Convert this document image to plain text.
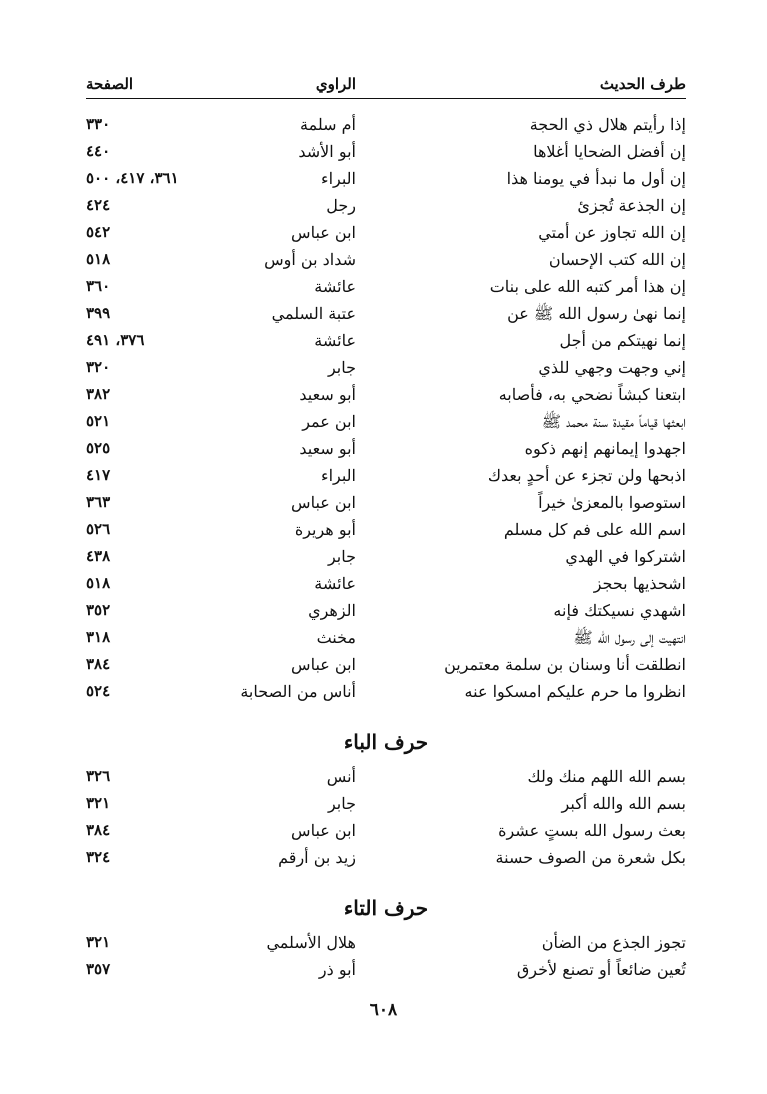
طرف الحديث
الراوي
الصفحة
إذا رأيتم هلال ذي الحجة
أم سلمة
٣٣٠
إن أفضل الضحايا أغلاها
أبو الأشد
٤٤٠
إن أول ما نبدأ في يومنا هذا
البراء
٣٦١، ٤١٧، ٥٠٠
إن الجذعة تُجزئ
رجل
٤٢٤
إن الله تجاوز عن أمتي
ابن عباس
٥٤٢
إن الله كتب الإحسان
شداد بن أوس
٥١٨
إن هذا أمر كتبه الله على بنات
عائشة
٣٦٠
إنما نهىٰ رسول الله ﷺ عن
عتبة السلمي
٣٩٩
إنما نهيتكم من أجل
عائشة
٣٧٦، ٤٩١
إني وجهت وجهي للذي
جابر
٣٢٠
ابتعنا كبشاً نضحي به، فأصابه
أبو سعيد
٣٨٢
ابعثها قياماً مقيدة سنة محمد ﷺ
ابن عمر
٥٢١
اجهدوا إيمانهم إنهم ذكوه
أبو سعيد
٥٢٥
اذبحها ولن تجزء عن أحدٍ بعدك
البراء
٤١٧
استوصوا بالمعزىٰ خيراً
ابن عباس
٣٦٣
اسم الله على فم كل مسلم
أبو هريرة
٥٢٦
اشتركوا في الهدي
جابر
٤٣٨
اشحذيها بحجز
عائشة
٥١٨
اشهدي نسيكتك فإنه
الزهري
٣٥٢
انتهيت إلى رسول الله ﷺ
مخنث
٣١٨
انطلقت أنا وسنان بن سلمة معتمرين
ابن عباس
٣٨٤
انظروا ما حرم عليكم امسكوا عنه
أناس من الصحابة
٥٢٤
حرف الباء
بسم الله اللهم منك ولك
أنس
٣٢٦
بسم الله والله أكبر
جابر
٣٢١
بعث رسول الله بستٍ عشرة
ابن عباس
٣٨٤
بكل شعرة من الصوف حسنة
زيد بن أرقم
٣٢٤
حرف التاء
تجوز الجذع من الضأن
هلال الأسلمي
٣٢١
تُعين ضائعاً أو تصنع لأخرق
أبو ذر
٣٥٧
٦٠٨
